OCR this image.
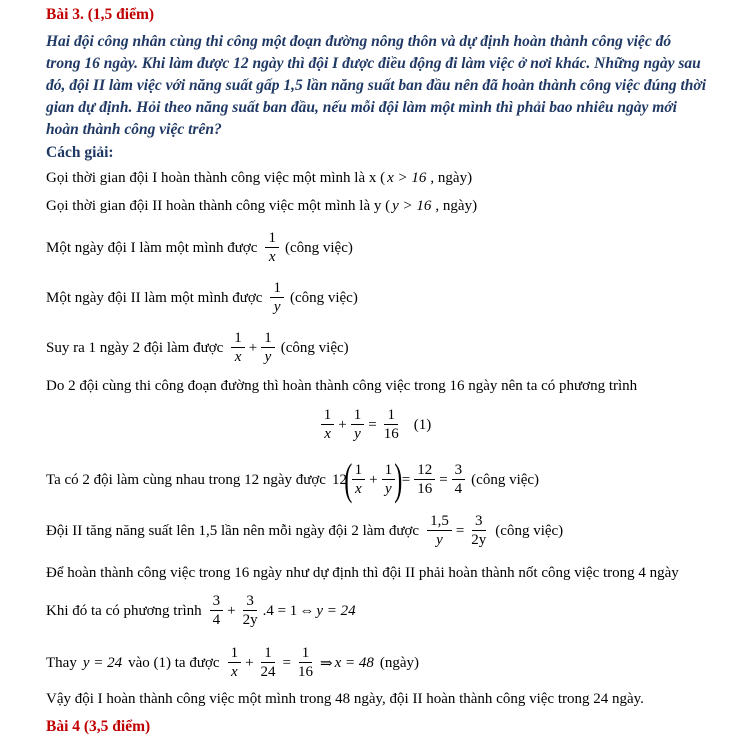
Bài 3. (1,5 điểm)
Hai đội công nhân cùng thi công một đoạn đường nông thôn và dự định hoàn thành công việc đó trong 16 ngày. Khi làm được 12 ngày thì đội I được điều động đi làm việc ở nơi khác. Những ngày sau đó, đội II làm việc với năng suất gấp 1,5 lần năng suất ban đầu nên đã hoàn thành công việc đúng thời gian dự định. Hỏi theo năng suất ban đầu, nếu mỗi đội làm một mình thì phải bao nhiêu ngày mới hoàn thành công việc trên?
Cách giải:
Gọi thời gian đội I hoàn thành công việc một mình là x ( x > 16 , ngày)
Gọi thời gian đội II hoàn thành công việc một mình là y ( y > 16 , ngày)
Một ngày đội I làm một mình được $\frac{1}{x}$ (công việc)
Một ngày đội II làm một mình được $\frac{1}{y}$ (công việc)
Suy ra 1 ngày 2 đội làm được $\frac{1}{x} + \frac{1}{y}$ (công việc)
Do 2 đội cùng thi công đoạn đường thì hoàn thành công việc trong 16 ngày nên ta có phương trình
$\frac{1}{x} + \frac{1}{y} = \frac{1}{16} (1)$
Ta có 2 đội làm cùng nhau trong 12 ngày được 12
( $\frac{1}{x} + \frac{1}{y}$ ) = $\frac{12}{16} = \frac{3}{4}$ (công việc)
Đội II tăng năng suất lên 1,5 lần nên mỗi ngày đội 2 làm được $\frac{1,5}{y} = \frac{3}{2y}$ (công việc)
Để hoàn thành công việc trong 16 ngày như dự định thì đội II phải hoàn thành nốt công việc trong 4 ngày
Khi đó ta có phương trình $\frac{3}{4} + \frac{3}{2y} .4 = 1$ ⇔ y = 24
Thay y = 24 vào (1) ta được $\frac{1}{x} + \frac{1}{24} = \frac{1}{16}$ ⇒ x = 48 (ngày)
Vậy đội I hoàn thành công việc một mình trong 48 ngày, đội II hoàn thành công việc trong 24 ngày.
Bài 4 (3,5 điểm)
